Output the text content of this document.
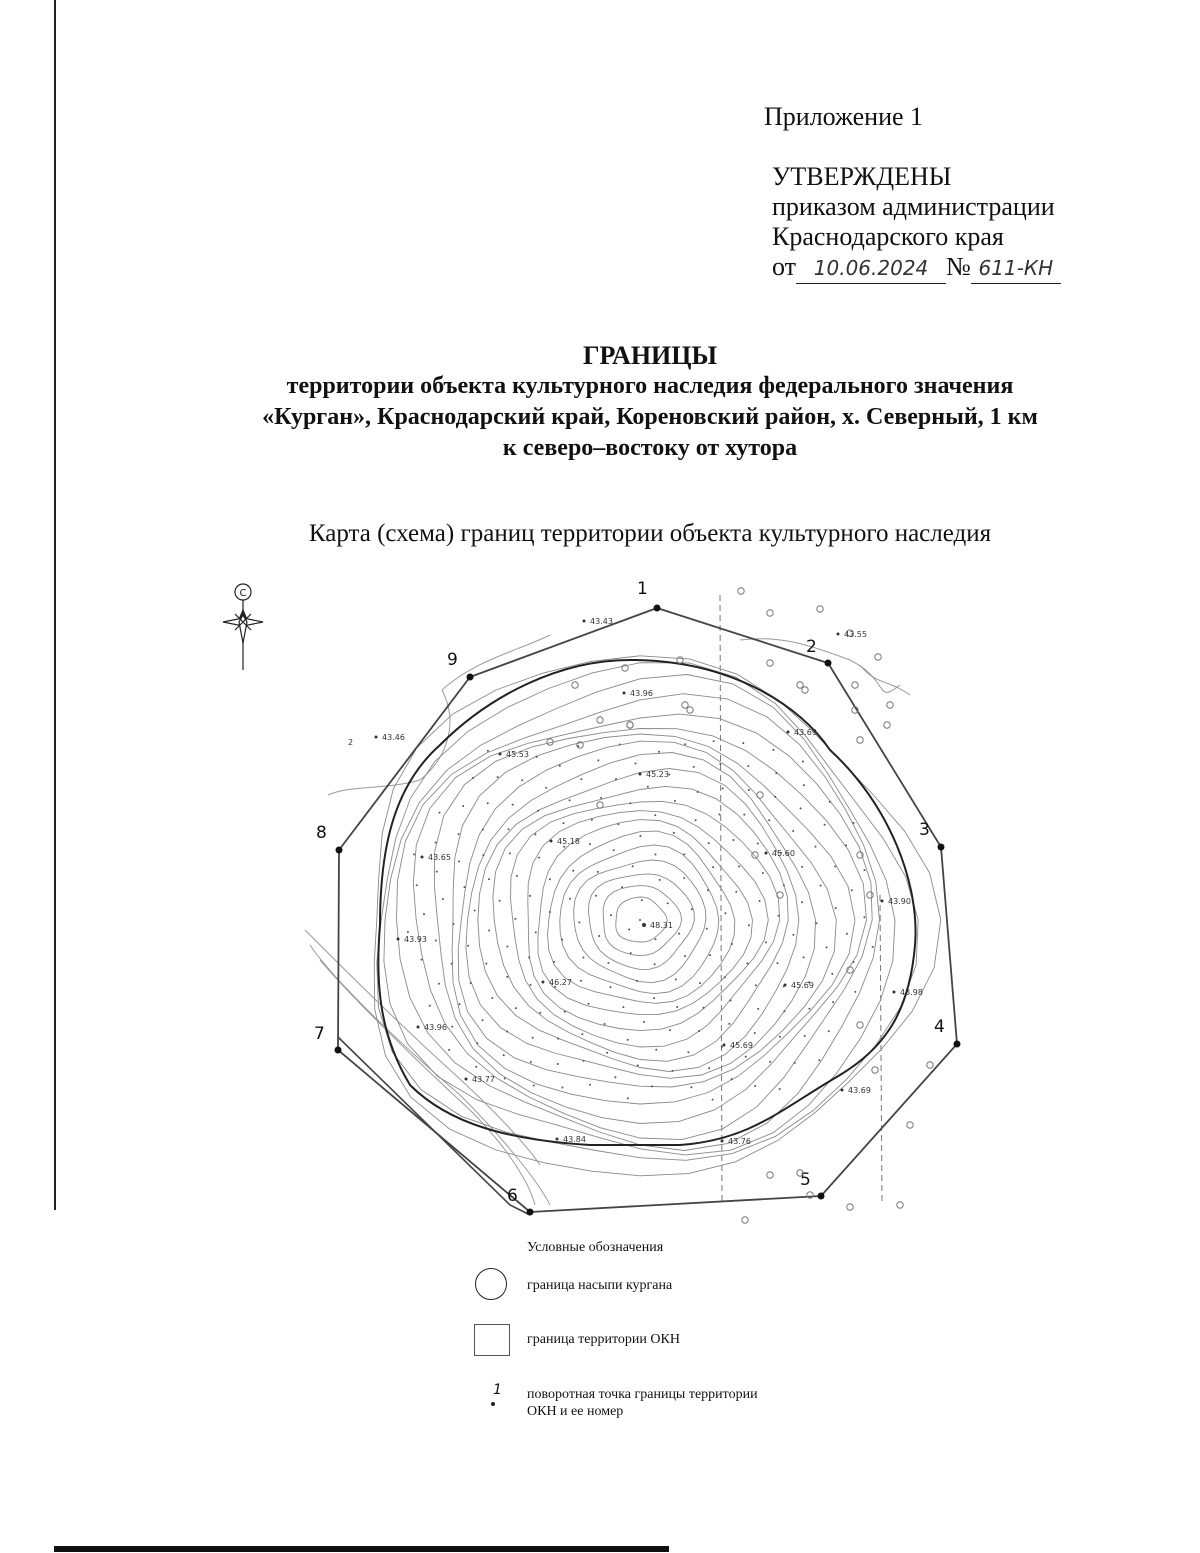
Приложение 1
УТВЕРЖДЕНЫ
приказом администрации
Краснодарского края
от 10.06.2024 № 611-КН
ГРАНИЦЫ
территории объекта культурного наследия федерального значения
«Курган», Краснодарский край, Кореновский район, х. Северный, 1 км
к северо–востоку от хутора
Карта (схема) границ территории объекта культурного наследия
С	1
2
3
4
5
6
7
8
9
43.43
43.55
43.96
43.69
43.46
43.53
45.23
45.18
45.60
43.65
43.90
43.93
48.31
46.27	45.69
43.98
43.96
45.69
43.77
43.69
43.84	43.76
2
Условные обозначения
граница насыпи кургана
граница территории ОКН
1 поворотная точка границы территории
ОКН и ее номер
